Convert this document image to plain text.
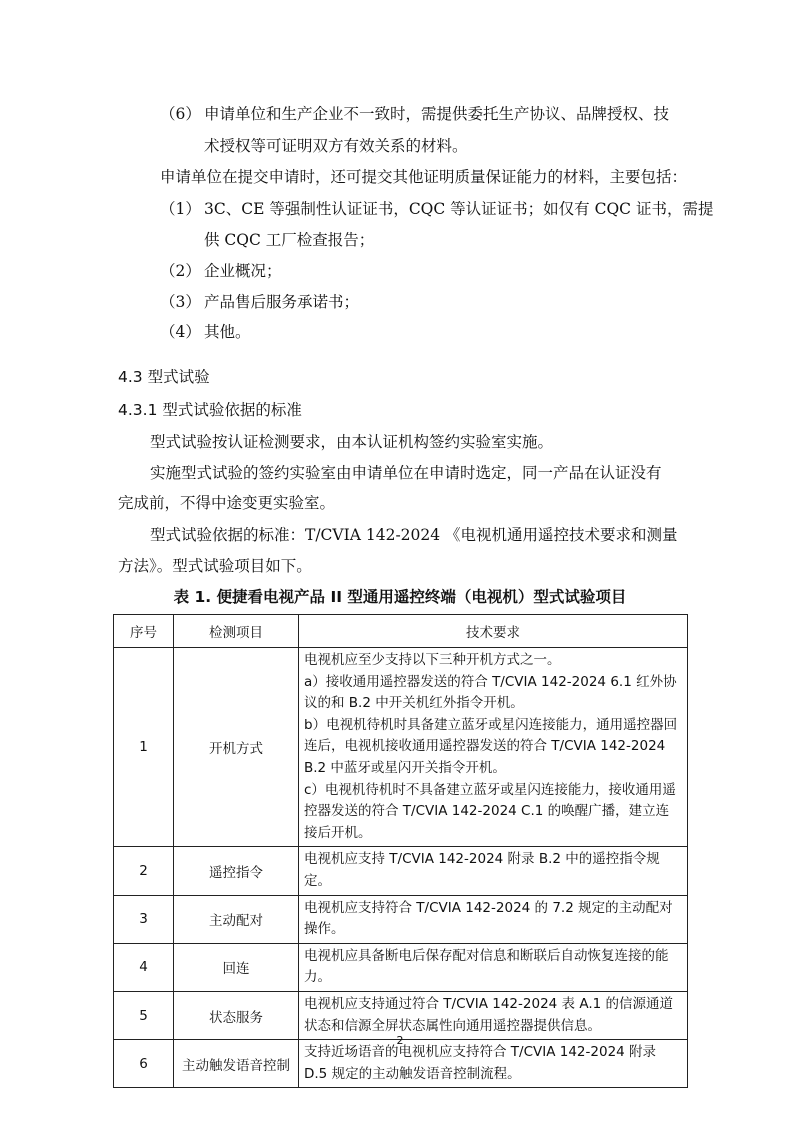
（6） 申请单位和生产企业不一致时，需提供委托生产协议、品牌授权、技
术授权等可证明双方有效关系的材料。
申请单位在提交申请时，还可提交其他证明质量保证能力的材料，主要包括：
（1） 3C、CE 等强制性认证证书，CQC 等认证证书；如仅有 CQC 证书，需提
供 CQC 工厂检查报告；
（2） 企业概况；
（3） 产品售后服务承诺书；
（4） 其他。
4.3 型式试验
4.3.1 型式试验依据的标准
型式试验按认证检测要求，由本认证机构签约实验室实施。
实施型式试验的签约实验室由申请单位在申请时选定，同一产品在认证没有
完成前，不得中途变更实验室。
型式试验依据的标准：T/CVIA 142-2024 《电视机通用遥控技术要求和测量
方法》。型式试验项目如下。
表 1. 便捷看电视产品 II 型通用遥控终端（电视机）型式试验项目
序号	检测项目	技术要求
1	开机方式	电视机应至少支持以下三种开机方式之一。

a）接收通用遥控器发送的符合 T/CVIA 142-2024 6.1 红外协议的和 B.2 中开关机红外指令开机。

b）电视机待机时具备建立蓝牙或星闪连接能力，通用遥控器回连后，电视机接收通用遥控器发送的符合 T/CVIA 142-2024 B.2 中蓝牙或星闪开关指令开机。

c）电视机待机时不具备建立蓝牙或星闪连接能力，接收通用遥控器发送的符合 T/CVIA 142-2024 C.1 的唤醒广播，建立连接后开机。

2	遥控指令	电视机应支持 T/CVIA 142-2024 附录 B.2 中的遥控指令规定。

3	主动配对	电视机应支持符合 T/CVIA 142-2024 的 7.2 规定的主动配对操作。

4	回连	电视机应具备断电后保存配对信息和断联后自动恢复连接的能力。

5	状态服务	电视机应支持通过符合 T/CVIA 142-2024 表 A.1 的信源通道状态和信源全屏状态属性向通用遥控器提供信息。

6	主动触发语音控制	支持近场语音的电视机应支持符合 T/CVIA 142-2024 附录 D.5 规定的主动触发语音控制流程。

2
